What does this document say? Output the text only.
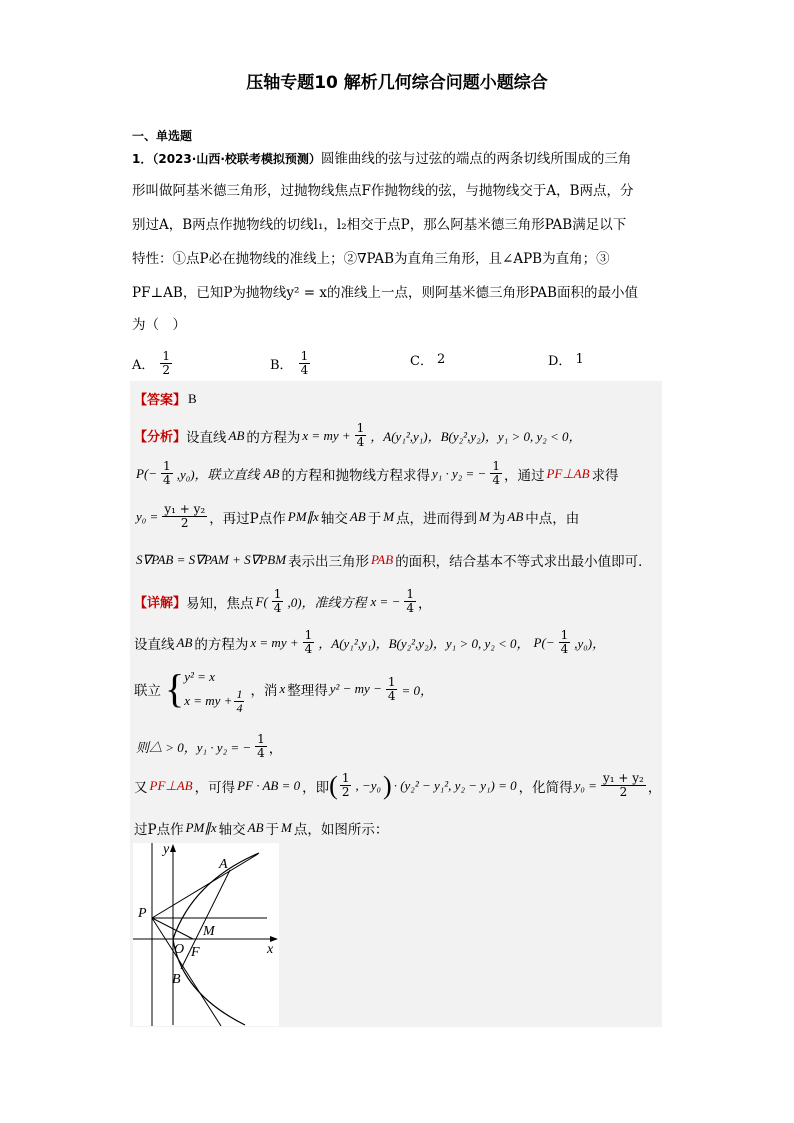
压轴专题10 解析几何综合问题小题综合
一、单选题
1．（2023·山西·校联考模拟预测）圆锥曲线的弦与过弦的端点的两条切线所围成的三角
形叫做阿基米德三角形，过抛物线焦点F作抛物线的弦，与抛物线交于A，B两点，分
别过A，B两点作抛物线的切线l₁，l₂相交于点P，那么阿基米德三角形PAB满足以下
特性：①点P必在抛物线的准线上；②∇PAB为直角三角形，且∠APB为直角；③
PF⊥AB，已知P为抛物线y² = x的准线上一点，则阿基米德三角形PAB面积的最小值
为（　）
A． $\frac{1}{2}$	B． $\frac{1}{4}$	C． 2	D． 1
【答案】 B
【分析】 设直线 AB 的方程为 x = my + $\frac{1}{4}$ ，A(y₁²,y₁)，B(y₂²,y₂)，y₁ > 0, y₂ < 0，
$P(- \frac{1}{4} ,y_0)$，联立直线 AB 的方程和抛物线方程求得 y₁ · y₂ = − $\frac{1}{4}$ ，通过 PF⊥AB 求得
$y_0 = \frac{\text{y₁ + y₂}}{2}$ ，再过P点作 PM∥x 轴交 AB 于 M 点，进而得到 M 为 AB 中点，由
S∇PAB = S∇PAM + S∇PBM 表示出三角形 PAB 的面积，结合基本不等式求出最小值即可．
【详解】 易知，焦点 $F( \frac{1}{4} ,0)$，准线方程 x = − $\frac{1}{4}$ ，
设直线 AB 的方程为 x = my + $\frac{1}{4}$ ，A(y₁²,y₁)，B(y₂²,y₂)，y₁ > 0, y₂ < 0， $P(- \frac{1}{4} ,y_0)$，
联立 { y² = x
x = my + $\frac{1}{4}$ ，消 x 整理得 y² − my − $\frac{1}{4} = 0$，
则△ > 0，y₁ · y₂ = − $\frac{1}{4}$ ，
又 PF⊥AB ，可得 PF · AB = 0 ，即 ( $\frac{1}{2}$ , −y₀ ) · (y₂² − y₁², y₂ − y₁) = 0 ，化简得 $y_0 = \frac{\text{y₁ + y₂}}{2}$ ，
过P点作 PM∥x 轴交 AB 于 M 点，如图所示：
y
x
A
B
P
M
O F
